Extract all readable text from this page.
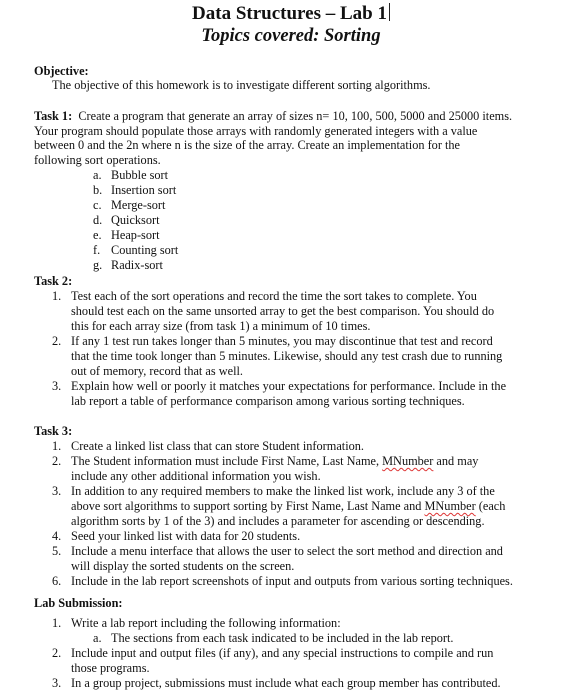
Data Structures – Lab 1
Topics covered: Sorting
Objective:
The objective of this homework is to investigate different sorting algorithms.
Task 1: Create a program that generate an array of sizes n= 10, 100, 500, 5000 and 25000 items.
Your program should populate those arrays with randomly generated integers with a value
between 0 and the 2n where n is the size of the array. Create an implementation for the
following sort operations.
a. Bubble sort
b. Insertion sort
c. Merge-sort
d. Quicksort
e. Heap-sort
f. Counting sort
g. Radix-sort
Task 2:
1. Test each of the sort operations and record the time the sort takes to complete. You
should test each on the same unsorted array to get the best comparison. You should do
this for each array size (from task 1) a minimum of 10 times.
2. If any 1 test run takes longer than 5 minutes, you may discontinue that test and record
that the time took longer than 5 minutes. Likewise, should any test crash due to running
out of memory, record that as well.
3. Explain how well or poorly it matches your expectations for performance. Include in the
lab report a table of performance comparison among various sorting techniques.
Task 3:
1. Create a linked list class that can store Student information.
2. The Student information must include First Name, Last Name, MNumber and may
include any other additional information you wish.
3. In addition to any required members to make the linked list work, include any 3 of the
above sort algorithms to support sorting by First Name, Last Name and MNumber (each
algorithm sorts by 1 of the 3) and includes a parameter for ascending or descending.
4. Seed your linked list with data for 20 students.
5. Include a menu interface that allows the user to select the sort method and direction and
will display the sorted students on the screen.
6. Include in the lab report screenshots of input and outputs from various sorting techniques.
Lab Submission:
1. Write a lab report including the following information:
a. The sections from each task indicated to be included in the lab report.
2. Include input and output files (if any), and any special instructions to compile and run
those programs.
3. In a group project, submissions must include what each group member has contributed.
